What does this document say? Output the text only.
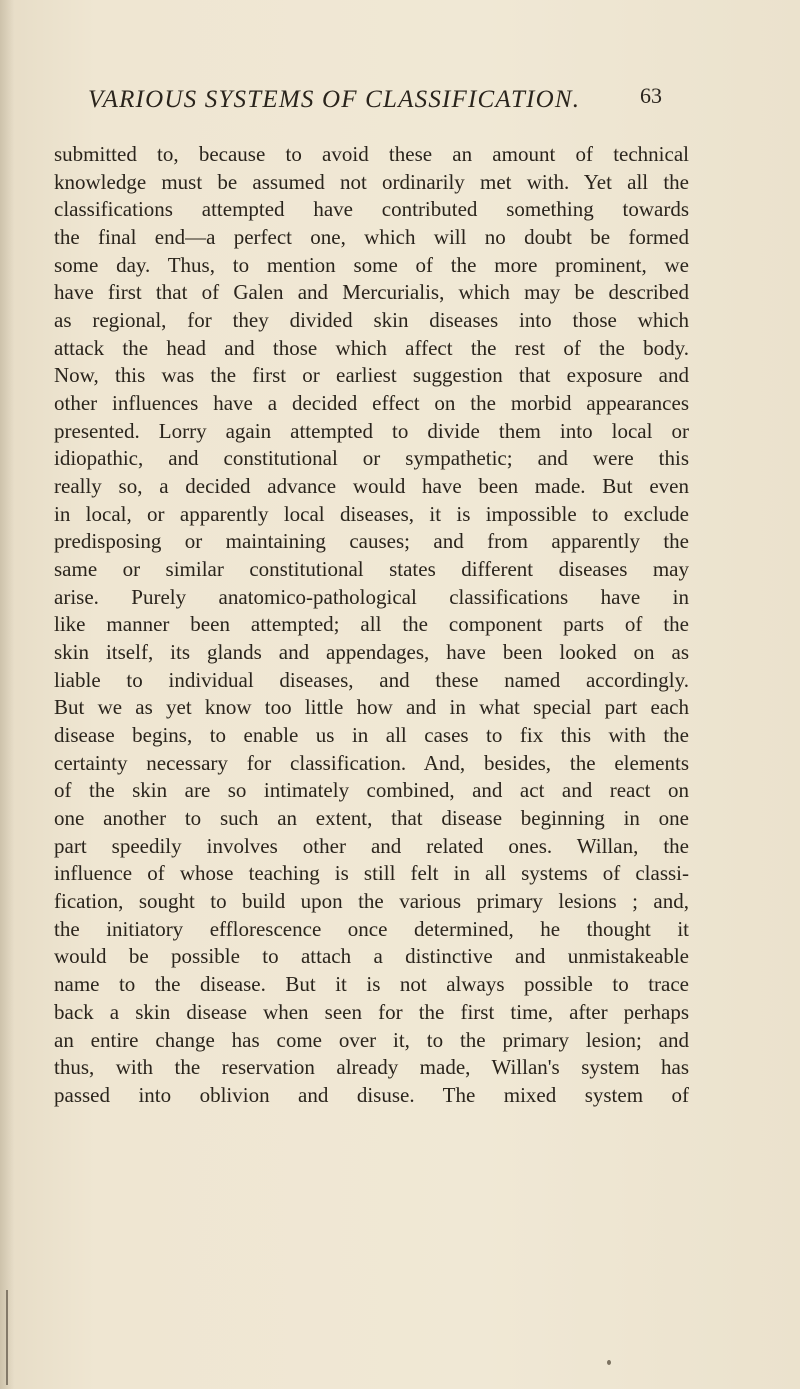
VARIOUS SYSTEMS OF CLASSIFICATION.	63
submitted to, because to avoid these an amount of technical
knowledge must be assumed not ordinarily met with. Yet all the
classifications attempted have contributed something towards
the final end—a perfect one, which will no doubt be formed
some day. Thus, to mention some of the more prominent, we
have first that of Galen and Mercurialis, which may be described
as regional, for they divided skin diseases into those which
attack the head and those which affect the rest of the body.
Now, this was the first or earliest suggestion that exposure and
other influences have a decided effect on the morbid appearances
presented. Lorry again attempted to divide them into local or
idiopathic, and constitutional or sympathetic; and were this
really so, a decided advance would have been made. But even
in local, or apparently local diseases, it is impossible to exclude
predisposing or maintaining causes; and from apparently the
same or similar constitutional states different diseases may
arise. Purely anatomico-pathological classifications have in
like manner been attempted; all the component parts of the
skin itself, its glands and appendages, have been looked on as
liable to individual diseases, and these named accordingly.
But we as yet know too little how and in what special part each
disease begins, to enable us in all cases to fix this with the
certainty necessary for classification. And, besides, the elements
of the skin are so intimately combined, and act and react on
one another to such an extent, that disease beginning in one
part speedily involves other and related ones. Willan, the
influence of whose teaching is still felt in all systems of classi-
fication, sought to build upon the various primary lesions ; and,
the initiatory efflorescence once determined, he thought it
would be possible to attach a distinctive and unmistakeable
name to the disease. But it is not always possible to trace
back a skin disease when seen for the first time, after perhaps
an entire change has come over it, to the primary lesion; and
thus, with the reservation already made, Willan's system has
passed into oblivion and disuse. The mixed system of
